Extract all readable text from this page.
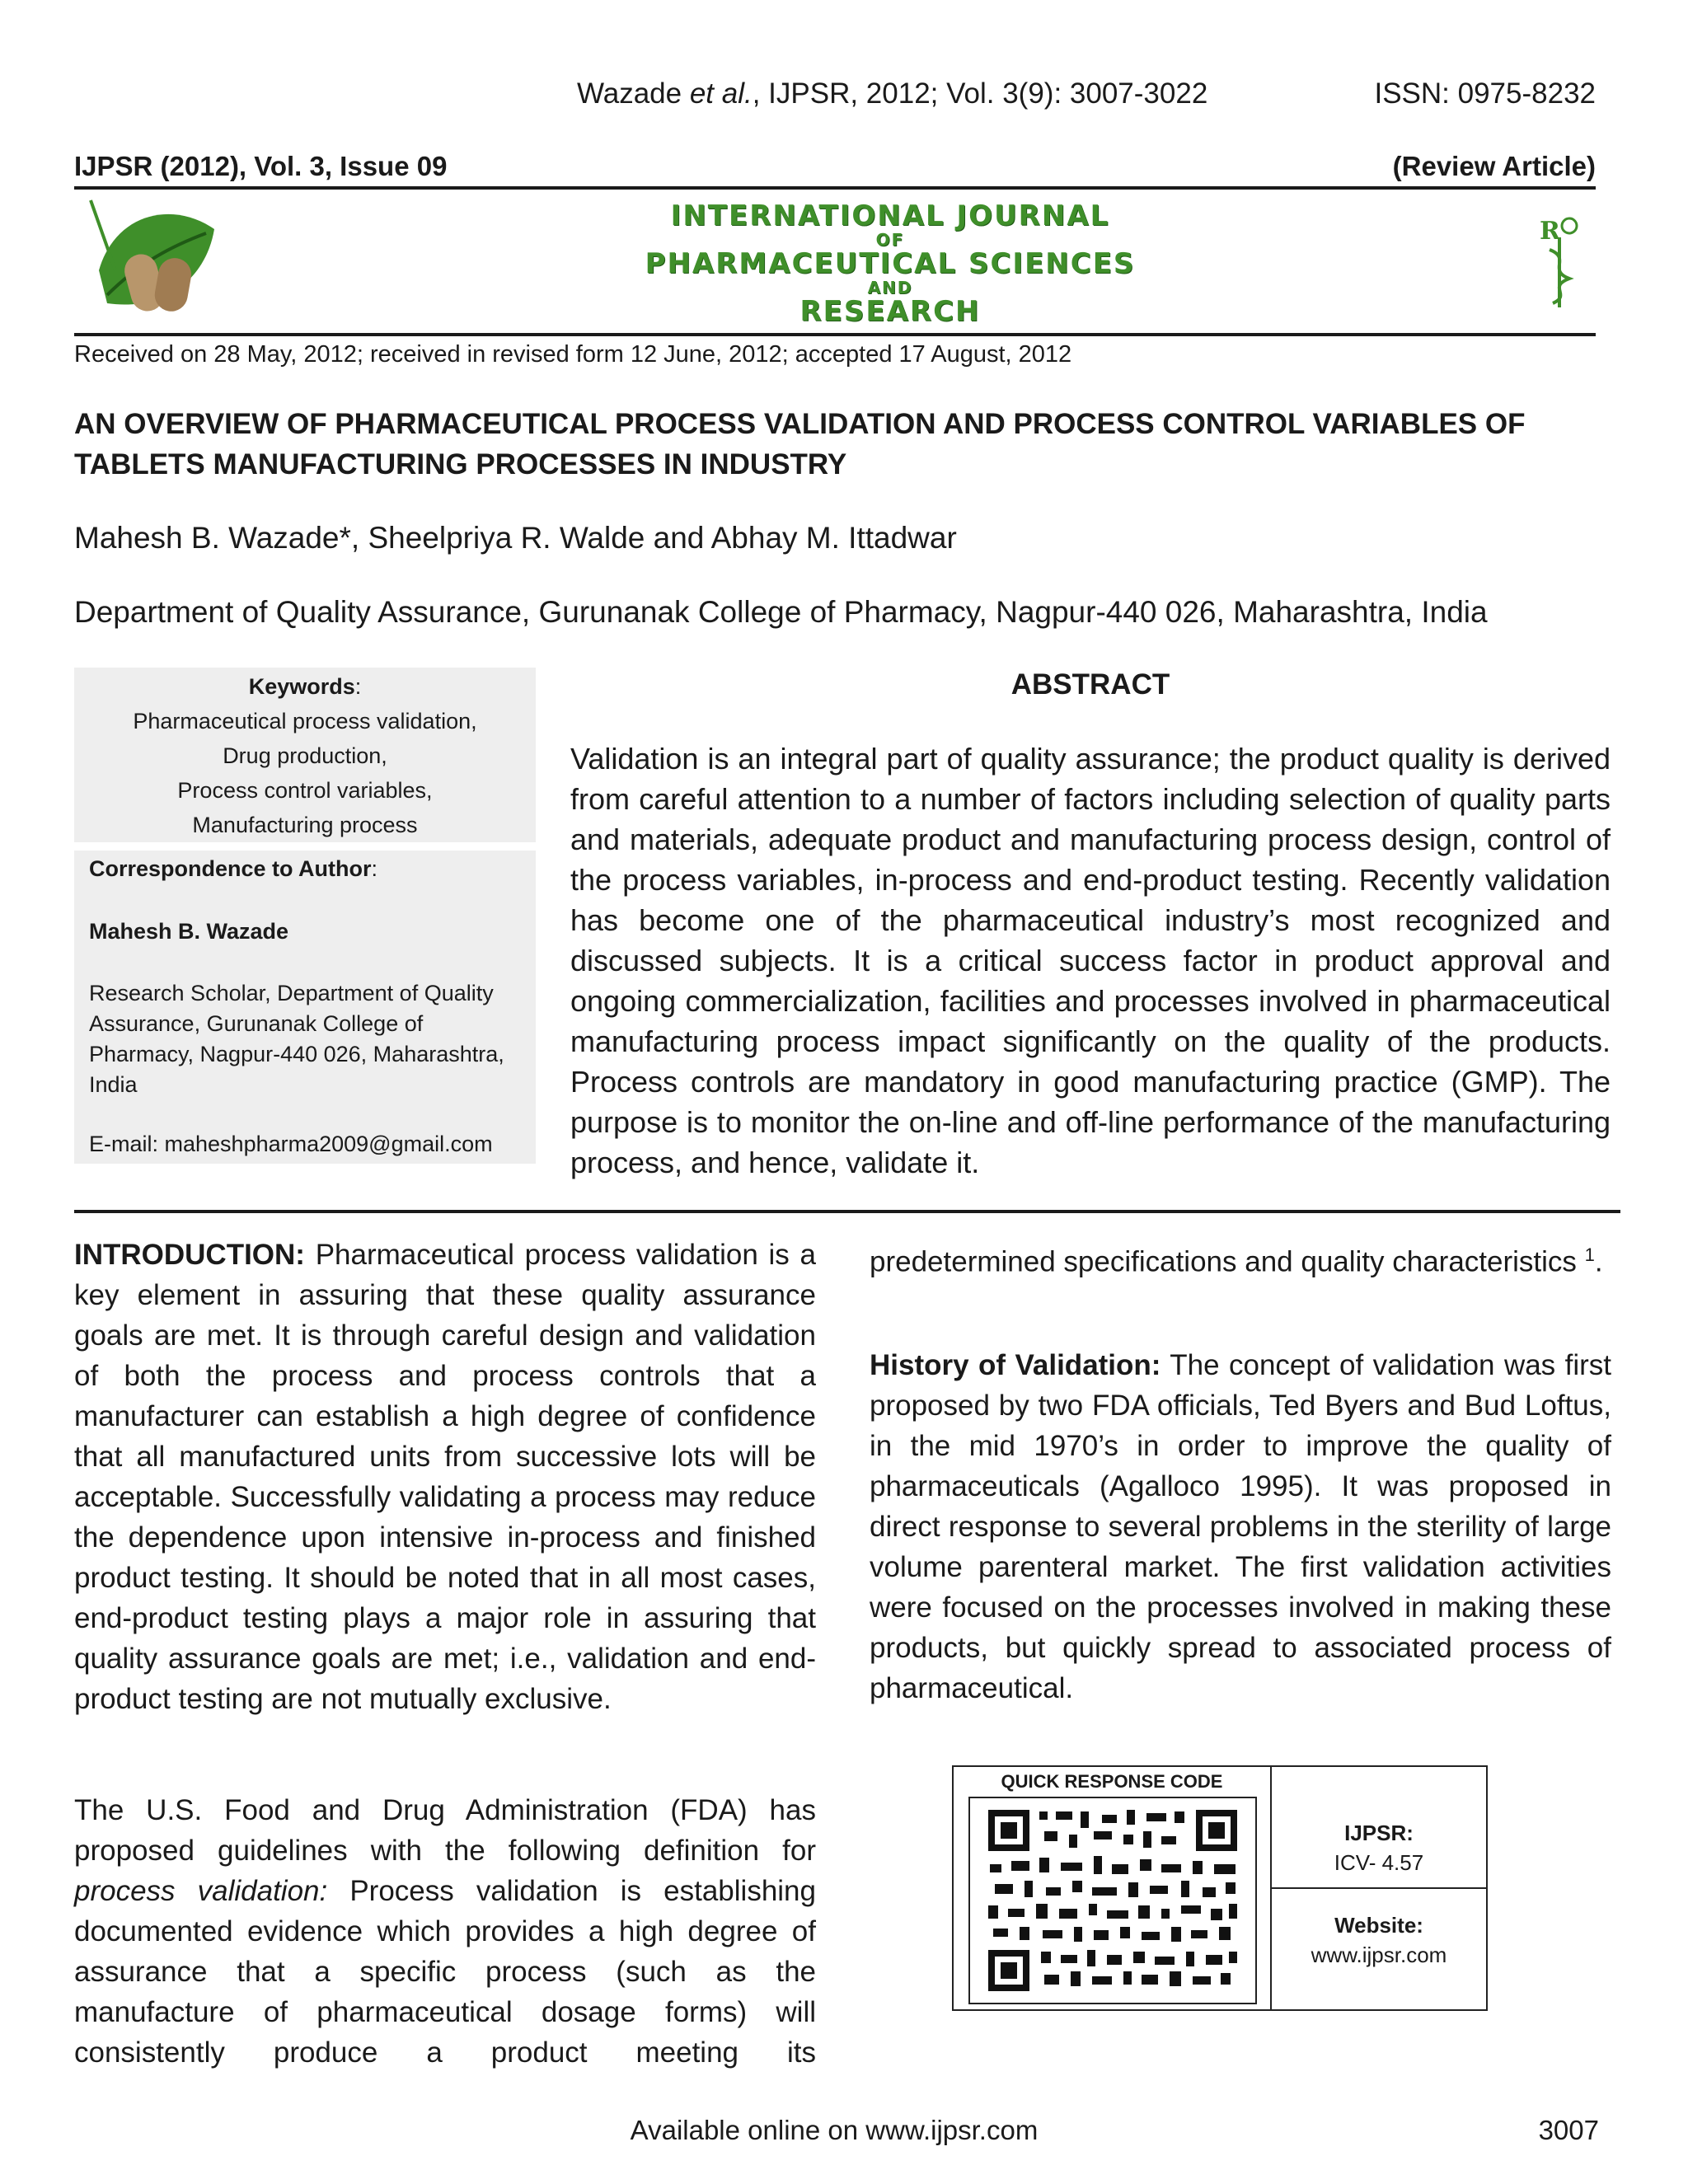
Wazade et al., IJPSR, 2012; Vol. 3(9): 3007-3022	ISSN: 0975-8232
IJPSR (2012), Vol. 3, Issue 09	(Review Article)
INTERNATIONAL JOURNAL
OF
PHARMACEUTICAL SCIENCES
AND
RESEARCH
R
Received on 28 May, 2012; received in revised form 12 June, 2012; accepted 17 August, 2012
AN OVERVIEW OF PHARMACEUTICAL PROCESS VALIDATION AND PROCESS CONTROL VARIABLES OF TABLETS MANUFACTURING PROCESSES IN INDUSTRY
Mahesh B. Wazade*, Sheelpriya R. Walde and Abhay M. Ittadwar
Department of Quality Assurance, Gurunanak College of Pharmacy, Nagpur-440 026, Maharashtra, India
Keywords:
Pharmaceutical process validation,
Drug production,
Process control variables,
Manufacturing process
Correspondence to Author:
Mahesh B. Wazade
Research Scholar, Department of Quality
Assurance, Gurunanak College of
Pharmacy, Nagpur-440 026, Maharashtra,
India
E-mail: maheshpharma2009@gmail.com
ABSTRACT
Validation is an integral part of quality assurance; the product quality is derived from careful attention to a number of factors including selection of quality parts and materials, adequate product and manufacturing process design, control of the process variables, in-process and end-product testing. Recently validation has become one of the pharmaceutical industry’s most recognized and discussed subjects. It is a critical success factor in product approval and ongoing commercialization, facilities and processes involved in pharmaceutical manufacturing process impact significantly on the quality of the products. Process controls are mandatory in good manufacturing practice (GMP). The purpose is to monitor the on-line and off-line performance of the manufacturing process, and hence, validate it.
INTRODUCTION: Pharmaceutical process validation is a key element in assuring that these quality assurance goals are met. It is through careful design and validation of both the process and process controls that a manufacturer can establish a high degree of confidence that all manufactured units from successive lots will be acceptable. Successfully validating a process may reduce the dependence upon intensive in-process and finished product testing. It should be noted that in all most cases, end-product testing plays a major role in assuring that quality assurance goals are met; i.e., validation and end-product testing are not mutually exclusive.
The U.S. Food and Drug Administration (FDA) has proposed guidelines with the following definition for process validation: Process validation is establishing documented evidence which provides a high degree of assurance that a specific process (such as the manufacture of pharmaceutical dosage forms) will consistently produce a product meeting its
predetermined specifications and quality characteristics $^1$.
History of Validation: The concept of validation was first proposed by two FDA officials, Ted Byers and Bud Loftus, in the mid 1970’s in order to improve the quality of pharmaceuticals (Agalloco 1995). It was proposed in direct response to several problems in the sterility of large volume parenteral market. The first validation activities were focused on the processes involved in making these products, but quickly spread to associated process of pharmaceutical.
QUICK RESPONSE CODE
IJPSR:
ICV- 4.57
Website:
www.ijpsr.com
Available online on www.ijpsr.com	3007
